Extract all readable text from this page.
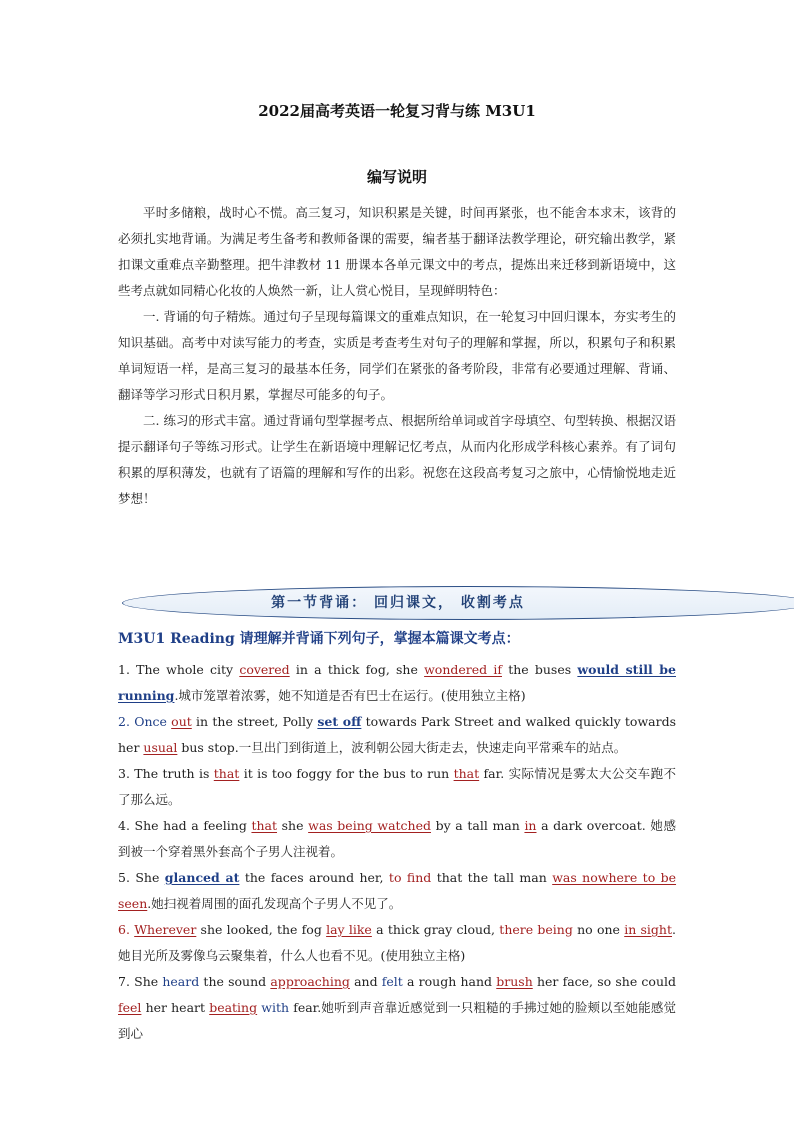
2022届高考英语一轮复习背与练 M3U1
编写说明

平时多储粮，战时心不慌。高三复习，知识积累是关键，时间再紧张，也不能舍本求末，该背的必须扎实地背诵。为满足考生备考和教师备课的需要，编者基于翻译法教学理论，研究输出教学，紧扣课文重难点辛勤整理。把牛津教材 11 册课本各单元课文中的考点，提炼出来迁移到新语境中，这些考点就如同精心化妆的人焕然一新，让人赏心悦目，呈现鲜明特色：

一. 背诵的句子精炼。通过句子呈现每篇课文的重难点知识，在一轮复习中回归课本，夯实考生的知识基础。高考中对读写能力的考查，实质是考查考生对句子的理解和掌握，所以，积累句子和积累单词短语一样，是高三复习的最基本任务，同学们在紧张的备考阶段，非常有必要通过理解、背诵、翻译等学习形式日积月累，掌握尽可能多的句子。

二. 练习的形式丰富。通过背诵句型掌握考点、根据所给单词或首字母填空、句型转换、根据汉语提示翻译句子等练习形式。让学生在新语境中理解记忆考点，从而内化形成学科核心素养。有了词句积累的厚积薄发，也就有了语篇的理解和写作的出彩。祝您在这段高考复习之旅中，心情愉悦地走近梦想！

第一节背诵： 回归课文， 收割考点
M3U1 Reading 请理解并背诵下列句子，掌握本篇课文考点：

1. The whole city covered in a thick fog, she wondered if the buses would still be running.城市笼罩着浓雾，她不知道是否有巴士在运行。(使用独立主格)

2. Once out in the street, Polly set off towards Park Street and walked quickly towards her usual bus stop.一旦出门到街道上，波利朝公园大街走去，快速走向平常乘车的站点。

3. The truth is that it is too foggy for the bus to run that far. 实际情况是雾太大公交车跑不了那么远。

4. She had a feeling that she was being watched by a tall man in a dark overcoat. 她感到被一个穿着黑外套高个子男人注视着。

5. She glanced at the faces around her, to find that the tall man was nowhere to be seen.她扫视着周围的面孔发现高个子男人不见了。

6. Wherever she looked, the fog lay like a thick gray cloud, there being no one in sight.她目光所及雾像乌云聚集着，什么人也看不见。(使用独立主格)

7. She heard the sound approaching and felt a rough hand brush her face, so she could feel her heart beating with fear.她听到声音靠近感觉到一只粗糙的手拂过她的脸颊以至她能感觉到心
